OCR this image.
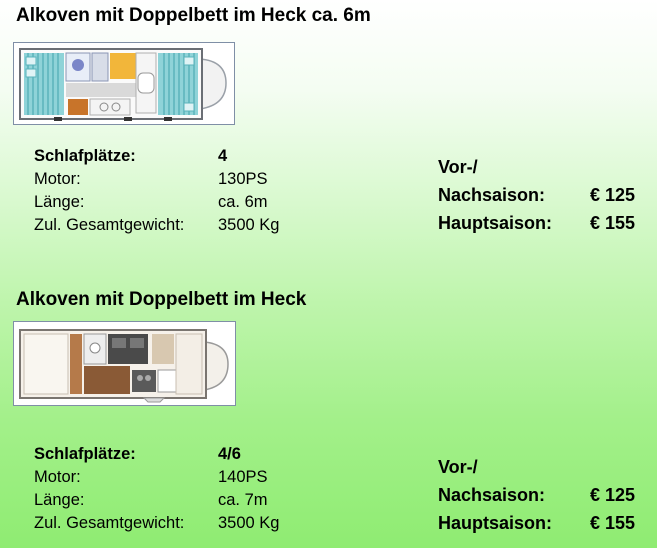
Alkoven mit Doppelbett im Heck ca. 6m
Schlafplätze:	4
Motor:	130PS
Länge:	ca. 6m
Zul. Gesamtgewicht:	3500 Kg
Vor-/
Nachsaison:	€ 125
Hauptsaison:	€ 155
Alkoven mit Doppelbett im Heck
Schlafplätze:	4/6
Motor:	140PS
Länge:	ca. 7m
Zul. Gesamtgewicht:	3500 Kg
Vor-/
Nachsaison:	€ 125
Hauptsaison:	€ 155
